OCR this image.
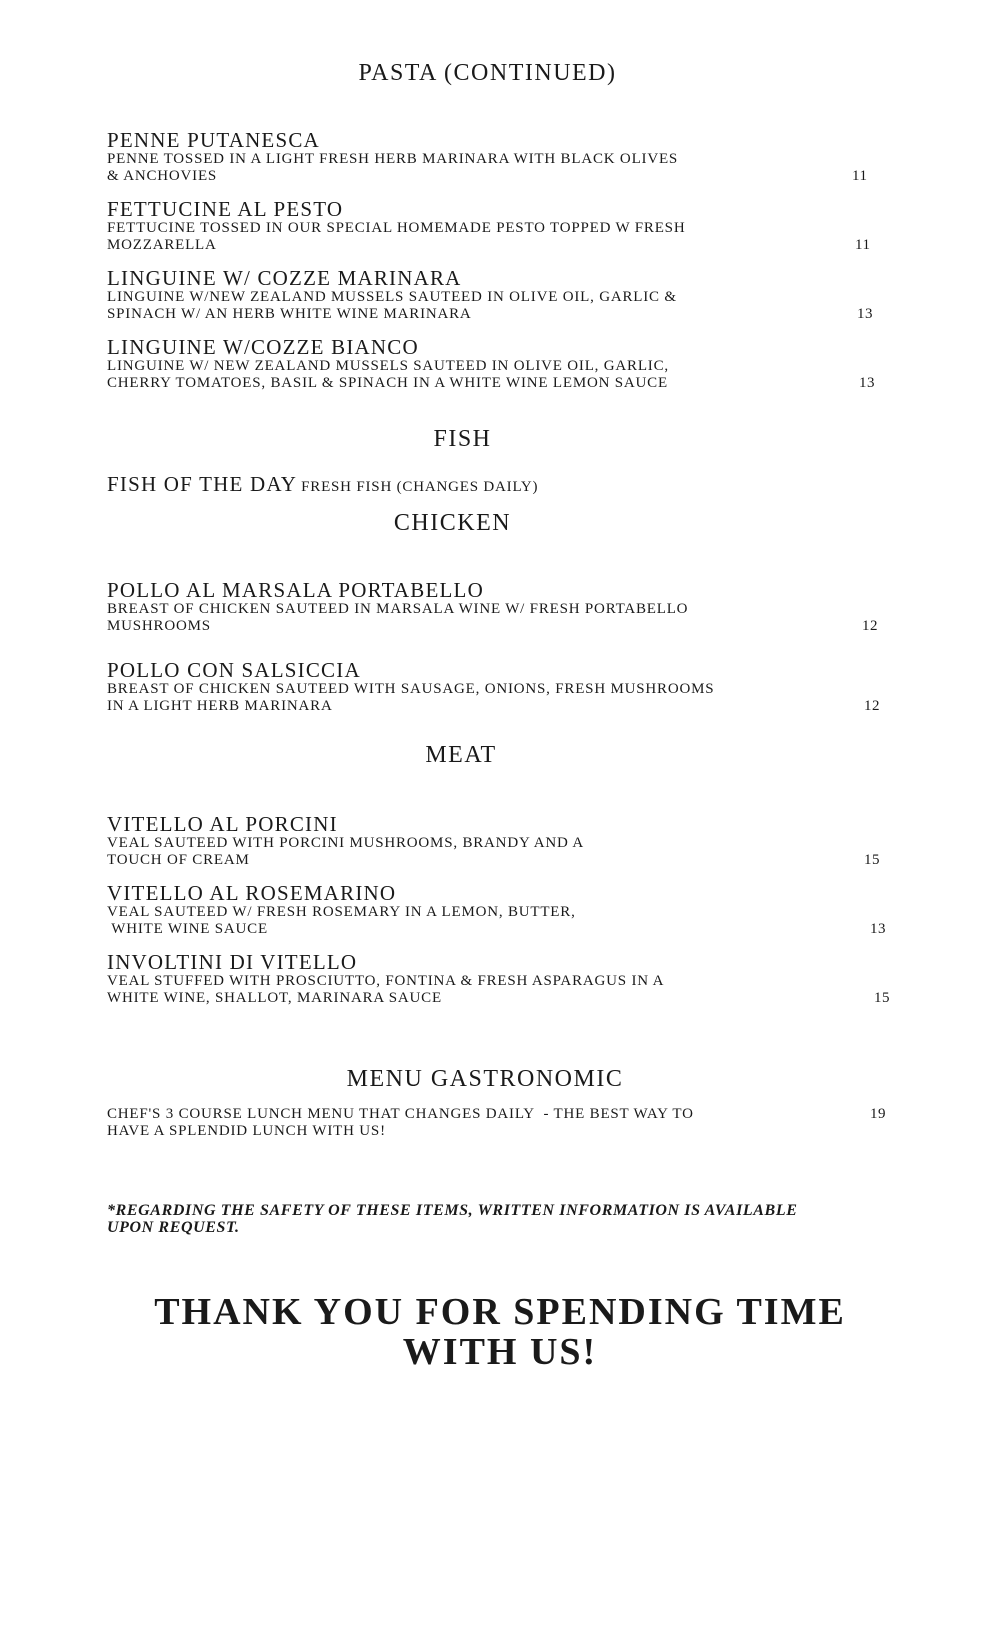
PASTA (CONTINUED)
PENNE PUTANESCA
PENNE TOSSED IN A LIGHT FRESH HERB MARINARA WITH BLACK OLIVES
& ANCHOVIES	11
FETTUCINE AL PESTO
FETTUCINE TOSSED IN OUR SPECIAL HOMEMADE PESTO TOPPED W FRESH
MOZZARELLA	11
LINGUINE W/ COZZE MARINARA
LINGUINE W/NEW ZEALAND MUSSELS SAUTEED IN OLIVE OIL, GARLIC &
SPINACH W/ AN HERB WHITE WINE MARINARA	13
LINGUINE W/COZZE BIANCO
LINGUINE W/ NEW ZEALAND MUSSELS SAUTEED IN OLIVE OIL, GARLIC,
CHERRY TOMATOES, BASIL & SPINACH IN A WHITE WINE LEMON SAUCE	13
FISH
FISH OF THE DAY FRESH FISH (CHANGES DAILY)
CHICKEN
POLLO AL MARSALA PORTABELLO
BREAST OF CHICKEN SAUTEED IN MARSALA WINE W/ FRESH PORTABELLO
MUSHROOMS	12
POLLO CON SALSICCIA
BREAST OF CHICKEN SAUTEED WITH SAUSAGE, ONIONS, FRESH MUSHROOMS
IN A LIGHT HERB MARINARA	12
MEAT
VITELLO AL PORCINI
VEAL SAUTEED WITH PORCINI MUSHROOMS, BRANDY AND A
TOUCH OF CREAM	15
VITELLO AL ROSEMARINO
VEAL SAUTEED W/ FRESH ROSEMARY IN A LEMON, BUTTER,
WHITE WINE SAUCE	13
INVOLTINI DI VITELLO
VEAL STUFFED WITH PROSCIUTTO, FONTINA & FRESH ASPARAGUS IN A
WHITE WINE, SHALLOT, MARINARA SAUCE	15
MENU GASTRONOMIC
CHEF'S 3 COURSE LUNCH MENU THAT CHANGES DAILY  - THE BEST WAY TO
HAVE A SPLENDID LUNCH WITH US!
19
*REGARDING THE SAFETY OF THESE ITEMS, WRITTEN INFORMATION IS AVAILABLE
UPON REQUEST.
THANK YOU FOR SPENDING TIME
WITH US!
